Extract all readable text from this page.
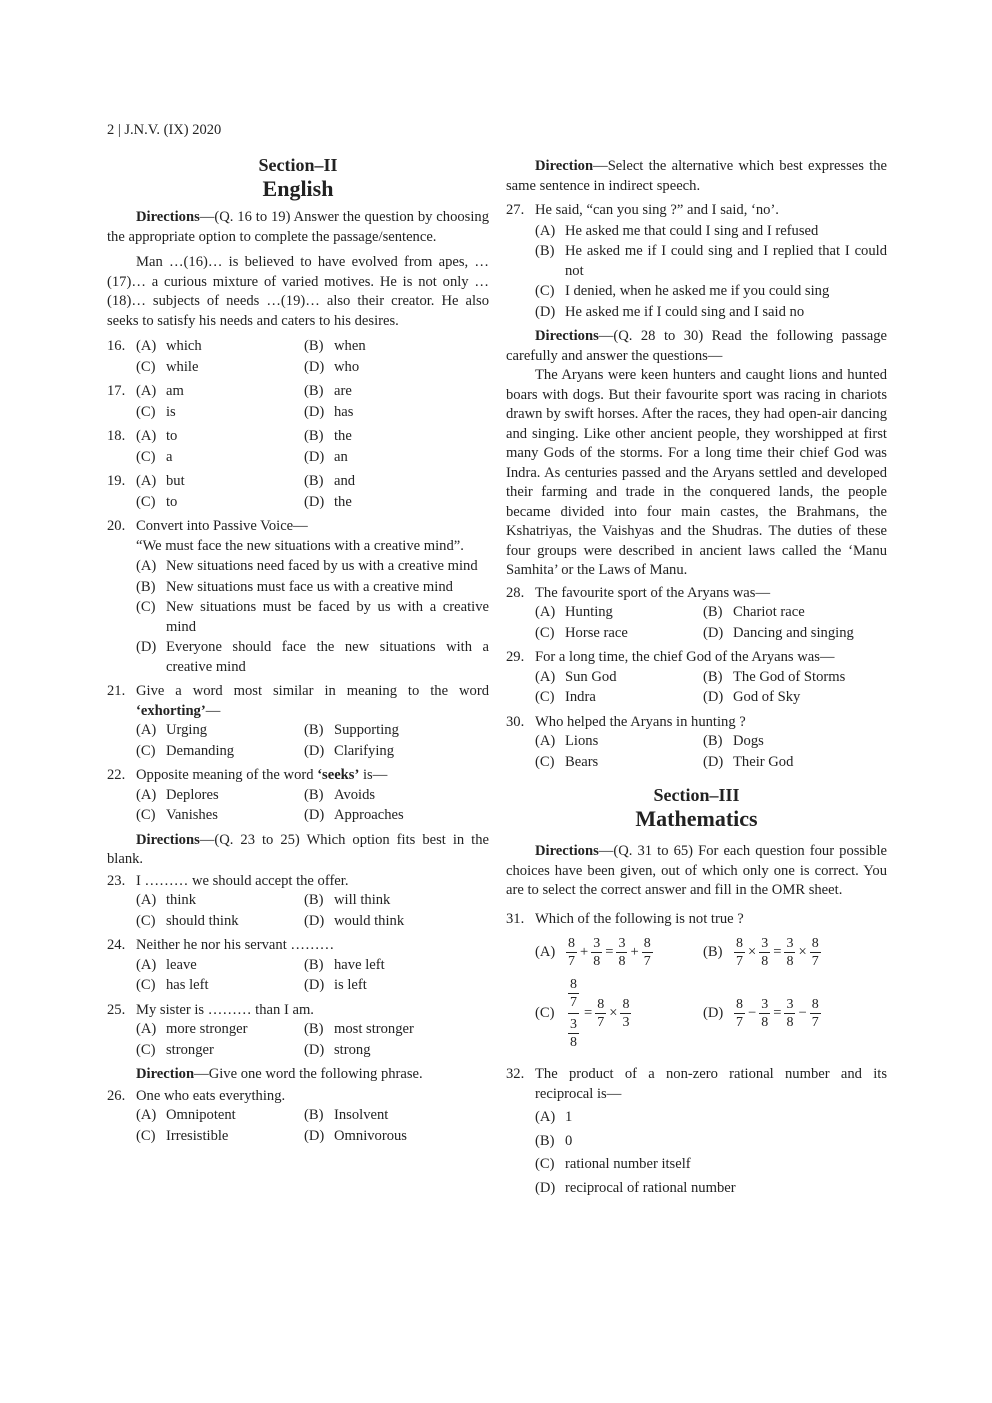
2 | J.N.V. (IX) 2020
Section–II
English

Directions—(Q. 16 to 19) Answer the question by choosing the appropriate option to complete the passage/sentence.

Man …(16)… is believed to have evolved from apes, …(17)… a curious mixture of varied motives. He is not only …(18)… subjects of needs …(19)… also their creator. He also seeks to satisfy his needs and caters to his desires.

16. (A) which	(B) when
(C) while	(D) who
17. (A) am	(B) are
(C) is	(D) has
18. (A) to	(B) the
(C) a	(D) an
19. (A) but	(B) and
(C) to	(D) the
20. Convert into Passive Voice—

“We must face the new situations with a creative mind”.

(A) New situations need faced by us with a creative mind
(B) New situations must face us with a creative mind
(C) New situations must be faced by us with a creative mind
(D) Everyone should face the new situations with a creative mind
21. Give a word most similar in meaning to the word ‘exhorting’—
(A) Urging	(B) Supporting
(C) Demanding	(D) Clarifying
22. Opposite meaning of the word ‘seeks’ is—
(A) Deplores	(B) Avoids
(C) Vanishes	(D) Approaches

Directions—(Q. 23 to 25) Which option fits best in the blank.

23. I ……… we should accept the offer.
(A) think	(B) will think
(C) should think	(D) would think
24. Neither he nor his servant ………
(A) leave	(B) have left
(C) has left	(D) is left
25. My sister is ……… than I am.
(A) more stronger	(B) most stronger
(C) stronger	(D) strong

Direction—Give one word the following phrase.

26. One who eats everything.
(A) Omnipotent	(B) Insolvent
(C) Irresistible	(D) Omnivorous

Direction—Select the alternative which best expresses the same sentence in indirect speech.

27. He said, “can you sing ?” and I said, ‘no’.
(A) He asked me that could I sing and I refused
(B) He asked me if I could sing and I replied that I could not
(C) I denied, when he asked me if you could sing
(D) He asked me if I could sing and I said no

Directions—(Q. 28 to 30) Read the following passage carefully and answer the questions—

The Aryans were keen hunters and caught lions and hunted boars with dogs. But their favourite sport was racing in chariots drawn by swift horses. After the races, they had open-air dancing and singing. Like other ancient people, they worshipped at first many Gods of the storms. For a long time their chief God was Indra. As centuries passed and the Aryans settled and developed their farming and trade in the conquered lands, the people became divided into four main castes, the Brahmans, the Kshatriyas, the Vaishyas and the Shudras. The duties of these four groups were described in ancient laws called the ‘Manu Samhita’ or the Laws of Manu.

28. The favourite sport of the Aryans was—
(A) Hunting	(B) Chariot race
(C) Horse race	(D) Dancing and singing
29. For a long time, the chief God of the Aryans was—
(A) Sun God	(B) The God of Storms
(C) Indra	(D) God of Sky
30. Who helped the Aryans in hunting ?
(A) Lions	(B) Dogs
(C) Bears	(D) Their God
Section–III
Mathematics

Directions—(Q. 31 to 65) For each question four possible choices have been given, out of which only one is correct. You are to select the correct answer and fill in the OMR sheet.

31. Which of the following is not true ?
$(A) \frac{8}{7} + \frac{3}{8} = \frac{3}{8} + \frac{8}{7}$	$(B) \frac{8}{7} \times \frac{3}{8} = \frac{3}{8} \times \frac{8}{7}$
$(C) \frac{\frac{8}{7}}{\frac{3}{8}} = \frac{8}{7} \times \frac{8}{3}$	$(D) \frac{8}{7} - \frac{3}{8} = \frac{3}{8} - \frac{8}{7}$
32. The product of a non-zero rational number and its reciprocal is—
(A) 1
(B) 0
(C) rational number itself
(D) reciprocal of rational number
